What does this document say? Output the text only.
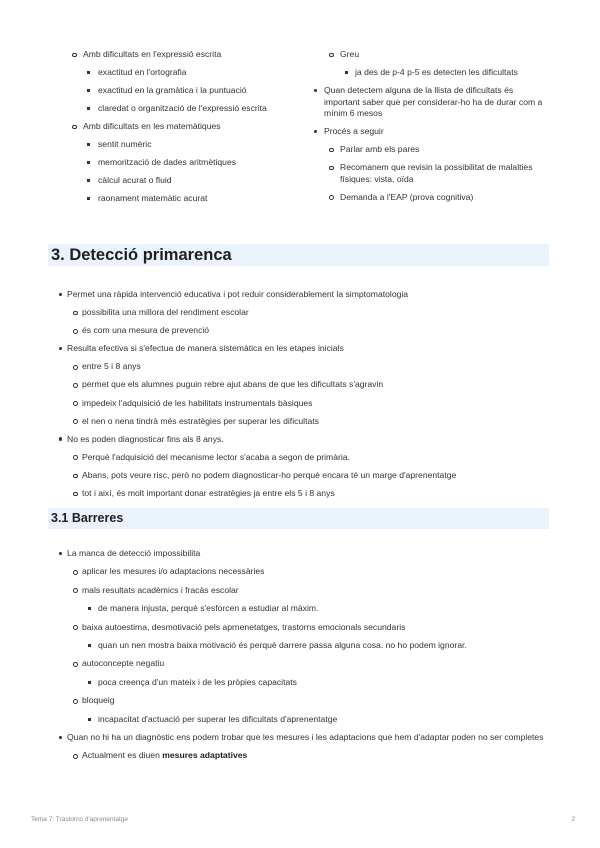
Amb dificultats en l'expressió escrita
exactitud en l'ortografia
exactitud en la gramàtica i la puntuació
claredat o organització de l'expressió escrita
Amb dificultats en les matemàtiques
sentit numèric
memorització de dades aritmètiques
càlcul acurat o fluid
raonament matemàtic acurat
Greu
ja des de p-4 p-5 es detecten les dificultats
Quan detectem alguna de la llista de dificultats és important saber que per considerar-ho ha de durar com a mínim 6 mesos
Procés a seguir
Parlar amb els pares
Recomanem que revisin la possibilitat de malalties físiques: vista, oïda
Demanda a l'EAP (prova cognitiva)
3. Detecció primarenca
Permet una ràpida intervenció educativa i pot reduir considerablement la simptomatologia
possibilita una millora del rendiment escolar
és com una mesura de prevenció
Resulta efectiva si s'efectua de manera sistemàtica en les etapes inicials
entre 5 i 8 anys
permet que els alumnes puguin rebre ajut abans de que les dificultats s'agravin
impedeix l'adquisició de les habilitats instrumentals bàsiques
el nen o nena tindrà més estratègies per superar les dificultats
No es poden diagnosticar fins als 8 anys.
Perquè l'adquisició del mecanisme lector s'acaba a segon de primària.
Abans, pots veure risc, però no podem diagnosticar-ho perquè encara té un marge d'aprenentatge
tot i així, és molt important donar estratègies ja entre els 5 i 8 anys
3.1 Barreres
La manca de detecció impossibilita
aplicar les mesures i/o adaptacions necessàries
mals resultats acadèmics i fracàs escolar
de manera injusta, perquè s'esforcen a estudiar al màxim.
baixa autoestima, desmotivació pels aprnenetatges, trastorns emocionals secundaris
quan un nen mostra baixa motivació és perquè darrere passa alguna cosa. no ho podem ignorar.
autoconcepte negatiu
poca creença d'un mateix i de les pròpies capacitats
bloqueig
incapacitat d'actuació per superar les dificultats d'aprenentatge
Quan no hi ha un diagnòstic ens podem trobar que les mesures i les adaptacions que hem d'adaptar poden no ser completes
Actualment es diuen mesures adaptatives
Tema 7: Trastorns d'aprenentatge	2
